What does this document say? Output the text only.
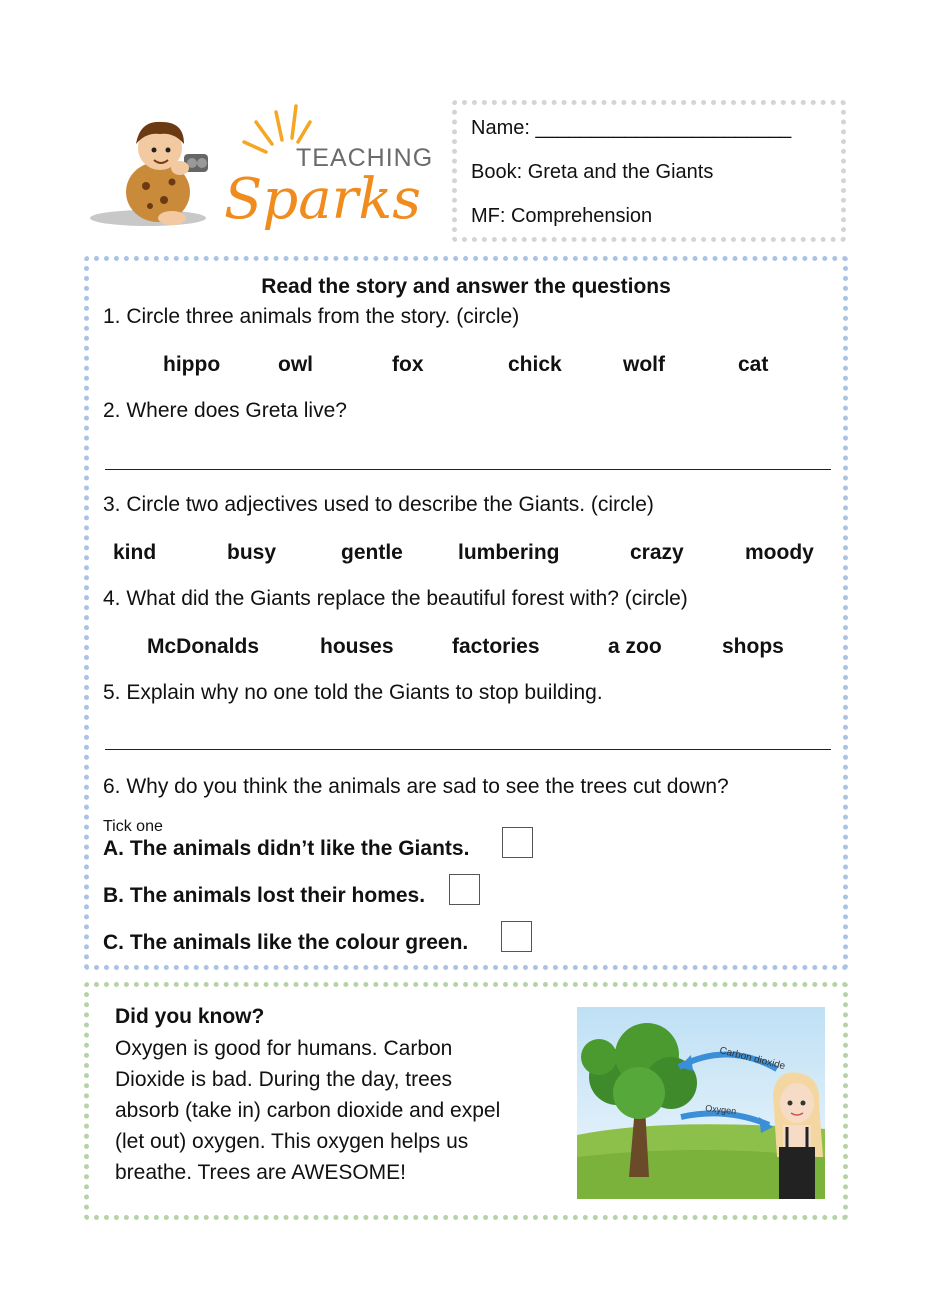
TEACHING
Sparks
Name: _______________________
Book: Greta and the Giants
MF: Comprehension
Read the story and answer the questions
1. Circle three animals from the story. (circle)
hippo	owl	fox	chick	wolf	cat
2. Where does Greta live?
3. Circle two adjectives used to describe the Giants. (circle)
kind	busy	gentle	lumbering	crazy	moody
4. What did the Giants replace the beautiful forest with? (circle)
McDonalds	houses	factories	a zoo	shops
5. Explain why no one told the Giants to stop building.
6. Why do you think the animals are sad to see the trees cut down?
Tick one
A. The animals didn’t like the Giants.
B. The animals lost their homes.
C. The animals like the colour green.
Did you know?
Oxygen is good for humans. Carbon
Dioxide is bad. During the day, trees
absorb (take in) carbon dioxide and expel
(let out) oxygen. This oxygen helps us
breathe. Trees are AWESOME!
Carbon dioxide
Oxygen
